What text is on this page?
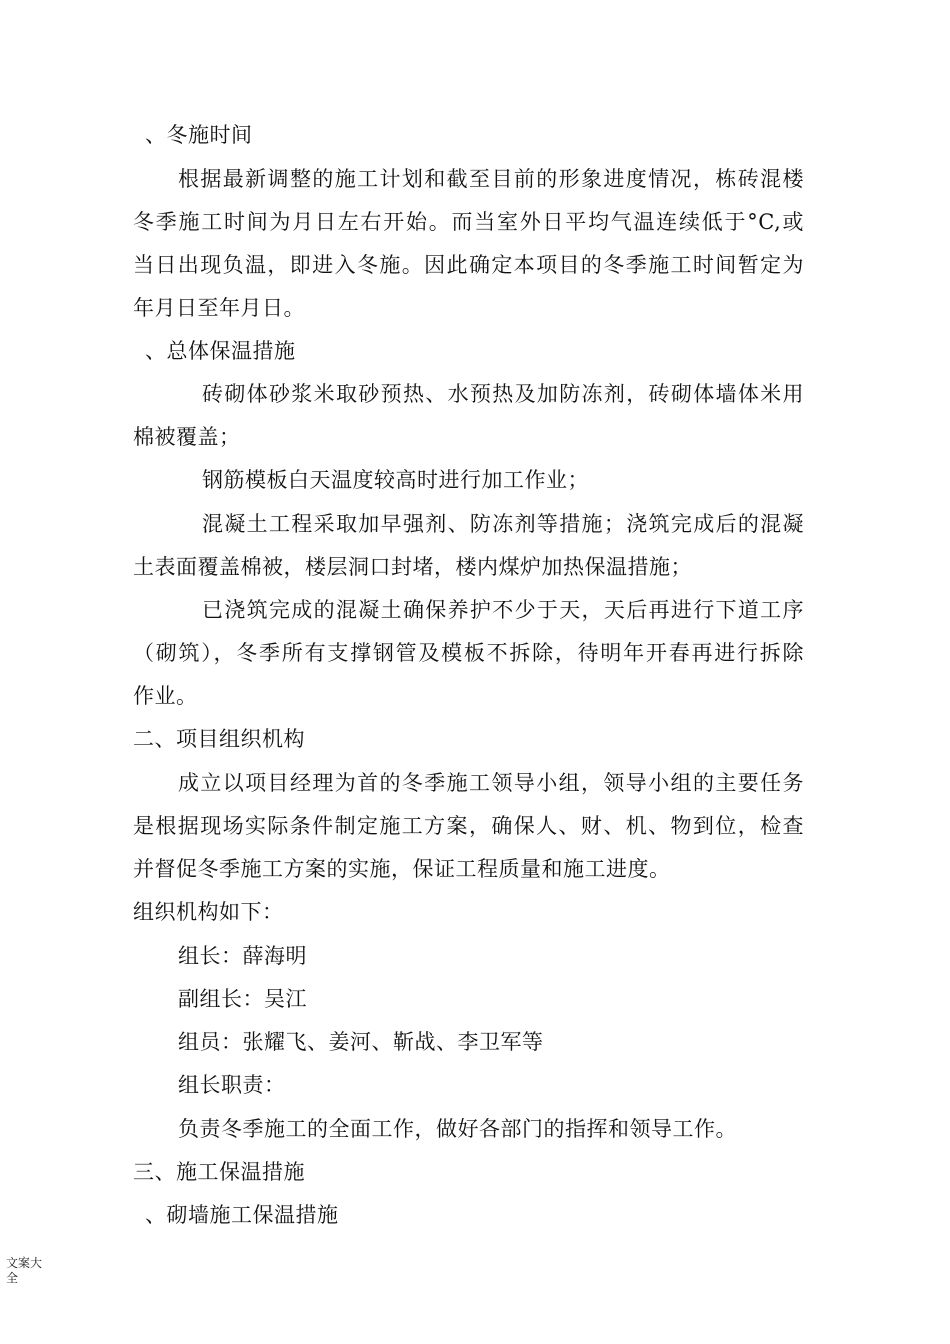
、冬施时间
根据最新调整的施工计划和截至目前的形象进度情况，栋砖混楼
冬季施工时间为月日左右开始。而当室外日平均气温连续低于°C,或
当日出现负温，即进入冬施。因此确定本项目的冬季施工时间暂定为
年月日至年月日。
、总体保温措施
砖砌体砂浆米取砂预热、水预热及加防冻剂，砖砌体墙体米用
棉被覆盖；
钢筋模板白天温度较高时进行加工作业；
混凝土工程采取加早强剂、防冻剂等措施；浇筑完成后的混凝
土表面覆盖棉被，楼层洞口封堵，楼内煤炉加热保温措施；
已浇筑完成的混凝土确保养护不少于天，天后再进行下道工序
（砌筑），冬季所有支撑钢管及模板不拆除，待明年开春再进行拆除
作业。
二、项目组织机构
成立以项目经理为首的冬季施工领导小组，领导小组的主要任务
是根据现场实际条件制定施工方案，确保人、财、机、物到位，检查
并督促冬季施工方案的实施，保证工程质量和施工进度。
组织机构如下：
组长：薛海明
副组长：吴江
组员：张耀飞、姜河、靳战、李卫军等
组长职责：
负责冬季施工的全面工作，做好各部门的指挥和领导工作。
三、施工保温措施
、砌墙施工保温措施
文案大全
